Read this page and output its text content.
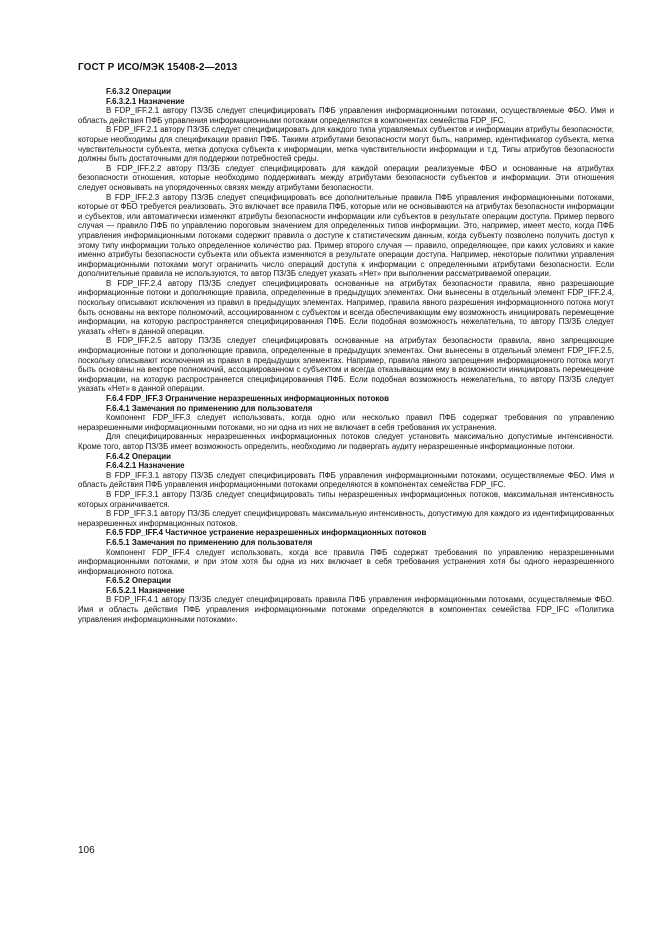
ГОСТ Р ИСО/МЭК 15408-2—2013

F.6.3.2 Операции

F.6.3.2.1 Назначение

В FDP_IFF.2.1 автору ПЗ/ЗБ следует специфицировать ПФБ управления информационными потоками, осуществляемые ФБО. Имя и область действия ПФБ управления информационными потоками определяются в компонентах семейства FDP_IFC.

В FDP_IFF.2.1 автору ПЗ/ЗБ следует специфицировать для каждого типа управляемых субъектов и информации атрибуты безопасности, которые необходимы для спецификации правил ПФБ. Такими атрибутами безопасности могут быть, например, идентификатор субъекта, метка чувствительности субъекта, метка допуска субъекта к информации, метка чувствительности информации и т.д. Типы атрибутов безопасности должны быть достаточными для поддержки потребностей среды.

В FDP_IFF.2.2 автору ПЗ/ЗБ следует специфицировать для каждой операции реализуемые ФБО и основанные на атрибутах безопасности отношения, которые необходимо поддерживать между атрибутами безопасности субъектов и информации. Эти отношения следует основывать на упорядоченных связях между атрибутами безопасности.

В FDP_IFF.2.3 автору ПЗ/ЗБ следует специфицировать все дополнительные правила ПФБ управления информационными потоками, которые от ФБО требуется реализовать. Это включает все правила ПФБ, которые или не основываются на атрибутах безопасности информации и субъектов, или автоматически изменяют атрибуты безопасности информации или субъектов в результате операции доступа. Пример первого случая — правило ПФБ по управлению пороговым значением для определенных типов информации. Это, например, имеет место, когда ПФБ управления информационными потоками содержит правила о доступе к статистическим данным, когда субъекту позволено получить доступ к этому типу информации только определенное количество раз. Пример второго случая — правило, определяющее, при каких условиях и какие именно атрибуты безопасности субъекта или объекта изменяются в результате операции доступа. Например, некоторые политики управления информационными потоками могут ограничить число операций доступа к информации с определенными атрибутами безопасности. Если дополнительные правила не используются, то автор ПЗ/ЗБ следует указать «Нет» при выполнении рассматриваемой операции.

В FDP_IFF.2.4 автору ПЗ/ЗБ следует специфицировать основанные на атрибутах безопасности правила, явно разрешающие информационные потоки и дополняющие правила, определенные в предыдущих элементах. Они вынесены в отдельный элемент FDP_IFF.2.4, поскольку описывают исключения из правил в предыдущих элементах. Например, правила явного разрешения информационного потока могут быть основаны на векторе полномочий, ассоциированном с субъектом и всегда обеспечивающим ему возможность инициировать перемещение информации, на которую распространяется специфицированная ПФБ. Если подобная возможность нежелательна, то автору ПЗ/ЗБ следует указать «Нет» в данной операции.

В FDP_IFF.2.5 автору ПЗ/ЗБ следует специфицировать основанные на атрибутах безопасности правила, явно запрещающие информационные потоки и дополняющие правила, определенные в предыдущих элементах. Они вынесены в отдельный элемент FDP_IFF.2.5, поскольку описывают исключения из правил в предыдущих элементах. Например, правила явного запрещения информационного потока могут быть основаны на векторе полномочий, ассоциированном с субъектом и всегда отказывающим ему в возможности инициировать перемещение информации, на которую распространяется специфицированная ПФБ. Если подобная возможность нежелательна, то автору ПЗ/ЗБ следует указать «Нет» в данной операции.

F.6.4 FDP_IFF.3 Ограничение неразрешенных информационных потоков

F.6.4.1 Замечания по применению для пользователя

Компонент FDP_IFF.3 следует использовать, когда одно или несколько правил ПФБ содержат требования по управлению неразрешенными информационными потоками, но ни одна из них не включает в себя требования их устранения.

Для специфицированных неразрешенных информационных потоков следует установить максимально допустимые интенсивности. Кроме того, автор ПЗ/ЗБ имеет возможность определить, необходимо ли подвергать аудиту неразрешенные информационные потоки.

F.6.4.2 Операции

F.6.4.2.1 Назначение

В FDP_IFF.3.1 автору ПЗ/ЗБ следует специфицировать ПФБ управления информационными потоками, осуществляемые ФБО. Имя и область действия ПФБ управления информационными потоками определяются в компонентах семейства FDP_IFC.

В FDP_IFF.3.1 автору ПЗ/ЗБ следует специфицировать типы неразрешенных информационных потоков, максимальная интенсивность которых ограничивается.

В FDP_IFF.3.1 автору ПЗ/ЗБ следует специфицировать максимальную интенсивность, допустимую для каждого из идентифицированных неразрешенных информационных потоков.

F.6.5 FDP_IFF.4 Частичное устранение неразрешенных информационных потоков

F.6.5.1 Замечания по применению для пользователя

Компонент FDP_IFF.4 следует использовать, когда все правила ПФБ содержат требования по управлению неразрешенными информационными потоками, и при этом хотя бы одна из них включает в себя требования устранения хотя бы одного неразрешенного информационного потока.

F.6.5.2 Операции

F.6.5.2.1 Назначение

В FDP_IFF.4.1 автору ПЗ/ЗБ следует специфицировать правила ПФБ управления информационными потоками, осуществляемые ФБО. Имя и область действия ПФБ управления информационными потоками определяются в компонентах семейства FDP_IFC «Политика управления информационными потоками».

106
